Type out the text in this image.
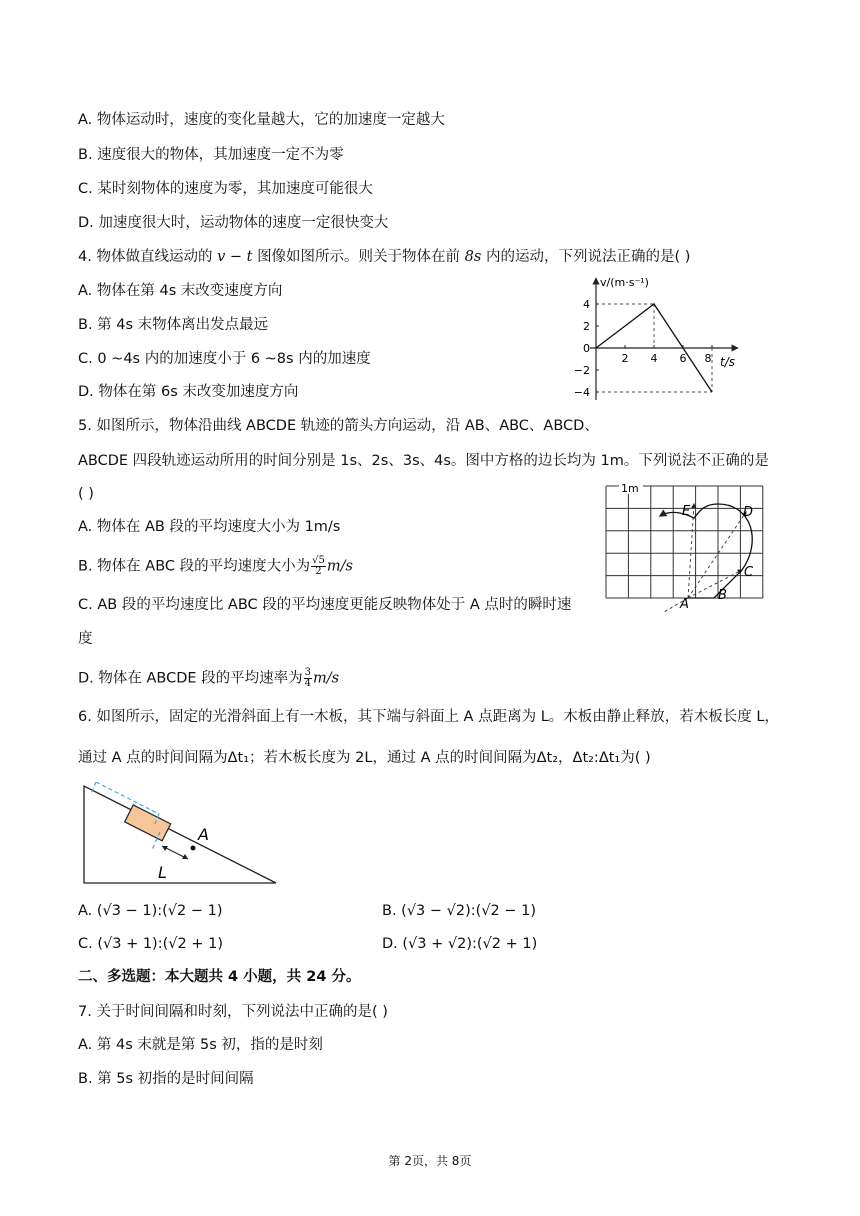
A. 物体运动时，速度的变化量越大，它的加速度一定越大
B. 速度很大的物体，其加速度一定不为零
C. 某时刻物体的速度为零，其加速度可能很大
D. 加速度很大时，运动物体的速度一定很快变大
4. 物体做直线运动的 v − t 图像如图所示。则关于物体在前 8s 内的运动，下列说法正确的是( )
A. 物体在第 4s 末改变速度方向
B. 第 4s 末物体离出发点最远
C. 0 ~4s 内的加速度小于 6 ~8s 内的加速度
D. 物体在第 6s 末改变加速度方向
v/(m·s⁻¹)
t/s
4
2
0
−2
−4
2 4 6 8
5. 如图所示，物体沿曲线 ABCDE 轨迹的箭头方向运动，沿 AB、ABC、ABCD、
ABCDE 四段轨迹运动所用的时间分别是 1s、2s、3s、4s。图中方格的边长均为 1m。下列说法不正确的是
( )
A. 物体在 AB 段的平均速度大小为 1m/s
B. 物体在 ABC 段的平均速度大小为 $\frac{√5}{2} m/s$
C. AB 段的平均速度比 ABC 段的平均速度更能反映物体处于 A 点时的瞬时速
度
D. 物体在 ABCDE 段的平均速率为 $\frac{3}{4} m/s$
1m
A
B
C
D
E
6. 如图所示，固定的光滑斜面上有一木板，其下端与斜面上 A 点距离为 L。木板由静止释放，若木板长度 L，
通过 A 点的时间间隔为Δt₁；若木板长度为 2L，通过 A 点的时间间隔为Δt₂，Δt₂:Δt₁为( )
A
L
A. (√3 − 1):(√2 − 1)	B. (√3 − √2):(√2 − 1)
C. (√3 + 1):(√2 + 1)	D. (√3 + √2):(√2 + 1)
二、多选题：本大题共 4 小题，共 24 分。
7. 关于时间间隔和时刻，下列说法中正确的是( )
A. 第 4s 末就是第 5s 初，指的是时刻
B. 第 5s 初指的是时间间隔
第 2页，共 8页
